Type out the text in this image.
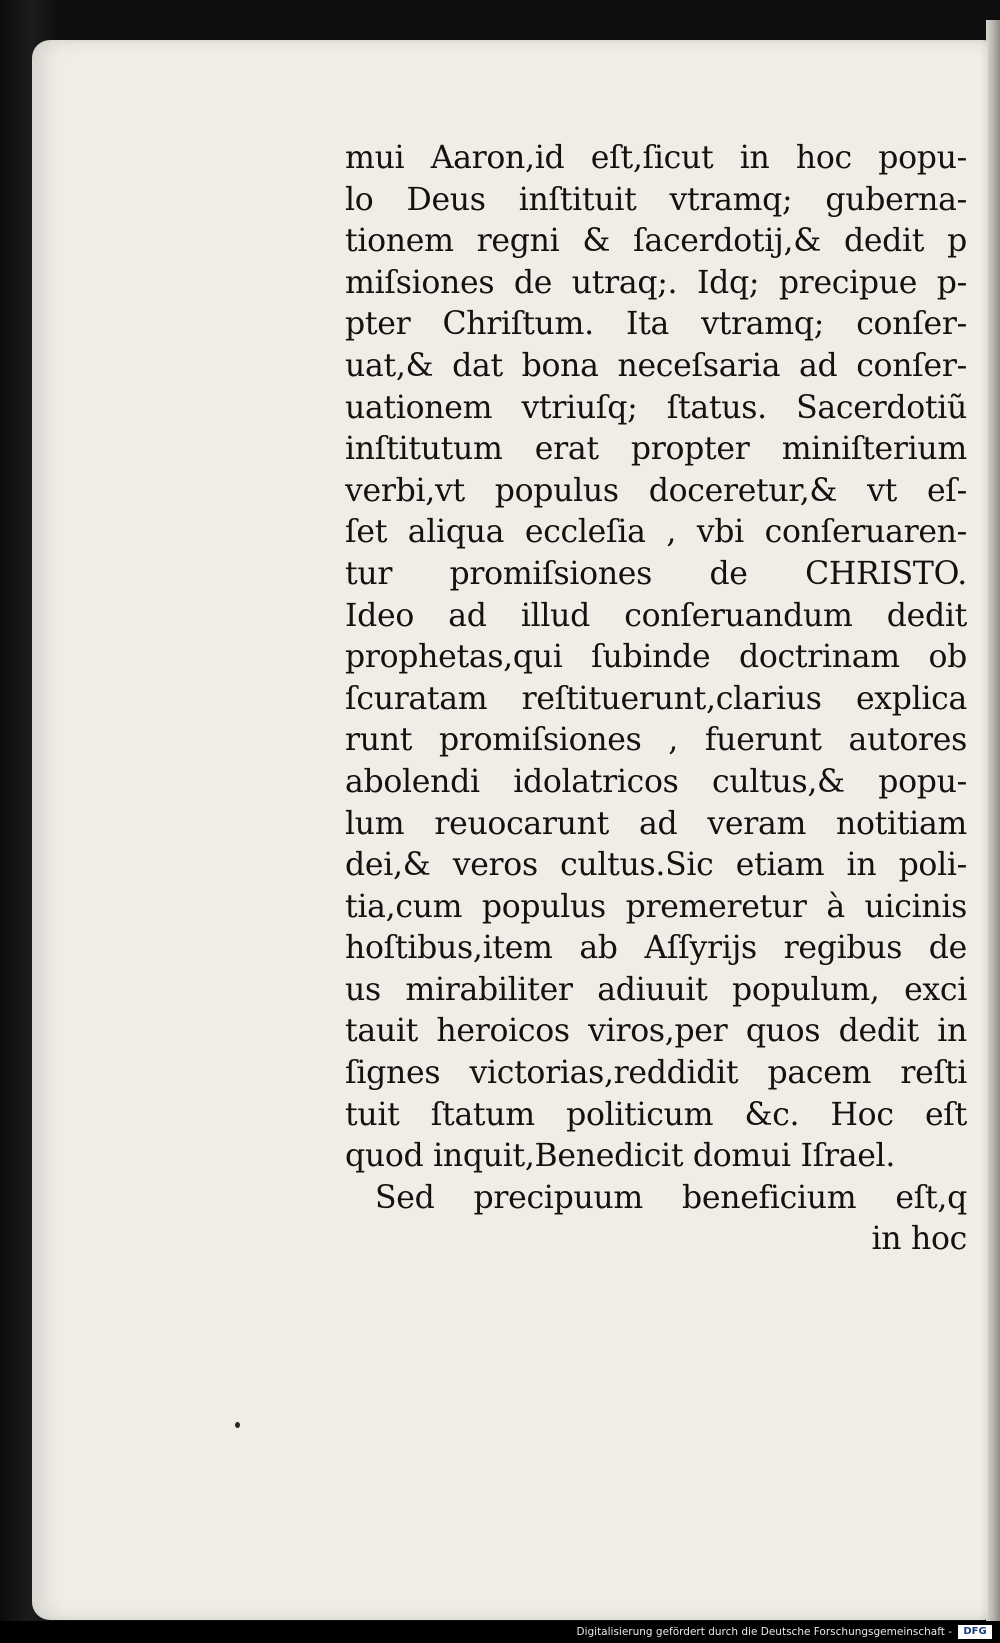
mui Aaron,id eſt,ſicut in hoc popu-
lo Deus inſtituit vtramq; guberna-
tionem regni & ſacerdotij,& dedit p
miſsiones de utraq;. Idq; precipue p-
pter Chriſtum. Ita vtramq; conſer-
uat,& dat bona neceſsaria ad conſer-
uationem vtriuſq; ſtatus. Sacerdotiũ
inſtitutum erat propter miniſterium
verbi,vt populus doceretur,& vt eſ-
ſet aliqua eccleſia , vbi conſeruaren-
tur promiſsiones de CHRISTO.
Ideo ad illud conſeruandum dedit
prophetas,qui ſubinde doctrinam ob
ſcuratam reſtituerunt,clarius explica
runt promiſsiones , fuerunt autores
abolendi idolatricos cultus,& popu-
lum reuocarunt ad veram notitiam
dei,& veros cultus.Sic etiam in poli-
tia,cum populus premeretur à uicinis
hoſtibus,item ab Aſſyrijs regibus de
us mirabiliter adiuuit populum, exci
tauit heroicos viros,per quos dedit in
ſignes victorias,reddidit pacem reſti
tuit ſtatum politicum &c. Hoc eſt
quod inquit,Benedicit domui Iſrael.
Sed precipuum beneficium eſt,q
in hoc
Digitalisierung gefördert durch die Deutsche Forschungsgemeinschaft -	DFG
